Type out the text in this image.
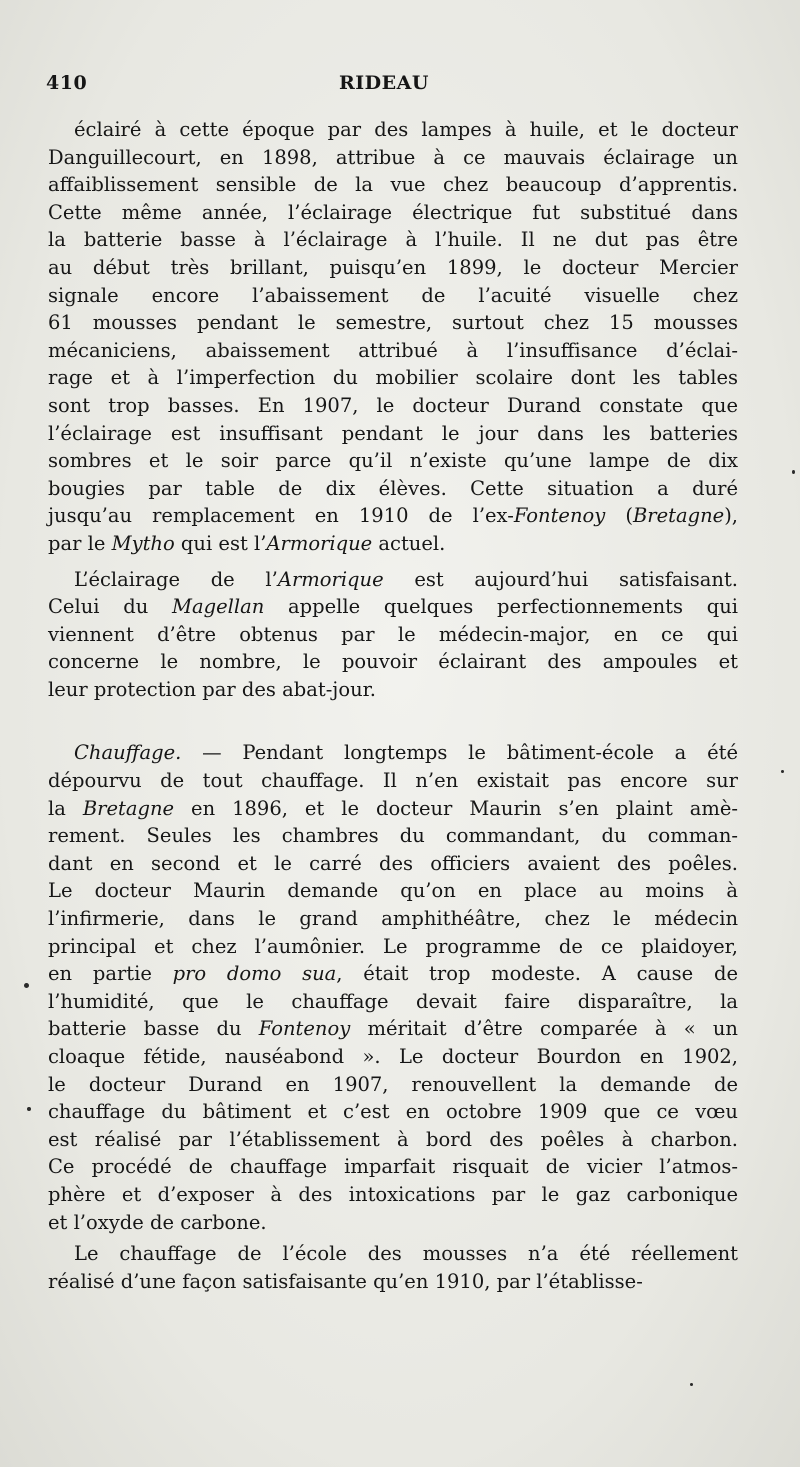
410	RIDEAU
éclairé à cette époque par des lampes à huile, et le docteur
Danguillecourt, en 1898, attribue à ce mauvais éclairage un
affaiblissement sensible de la vue chez beaucoup d’apprentis.
Cette même année, l’éclairage électrique fut substitué dans
la batterie basse à l’éclairage à l’huile. Il ne dut pas être
au début très brillant, puisqu’en 1899, le docteur Mercier
signale encore l’abaissement de l’acuité visuelle chez
61 mousses pendant le semestre, surtout chez 15 mousses
mécaniciens, abaissement attribué à l’insuffisance d’éclai-
rage et à l’imperfection du mobilier scolaire dont les tables
sont trop basses. En 1907, le docteur Durand constate que
l’éclairage est insuffisant pendant le jour dans les batteries
sombres et le soir parce qu’il n’existe qu’une lampe de dix
bougies par table de dix élèves. Cette situation a duré
jusqu’au remplacement en 1910 de l’ex-Fontenoy (Bretagne),
par le Mytho qui est l’Armorique actuel.
L’éclairage de l’Armorique est aujourd’hui satisfaisant.
Celui du Magellan appelle quelques perfectionnements qui
viennent d’être obtenus par le médecin-major, en ce qui
concerne le nombre, le pouvoir éclairant des ampoules et
leur protection par des abat-jour.
Chauffage. — Pendant longtemps le bâtiment-école a été
dépourvu de tout chauffage. Il n’en existait pas encore sur
la Bretagne en 1896, et le docteur Maurin s’en plaint amè-
rement. Seules les chambres du commandant, du comman-
dant en second et le carré des officiers avaient des poêles.
Le docteur Maurin demande qu’on en place au moins à
l’infirmerie, dans le grand amphithéâtre, chez le médecin
principal et chez l’aumônier. Le programme de ce plaidoyer,
en partie pro domo sua, était trop modeste. A cause de
l’humidité, que le chauffage devait faire disparaître, la
batterie basse du Fontenoy méritait d’être comparée à « un
cloaque fétide, nauséabond ». Le docteur Bourdon en 1902,
le docteur Durand en 1907, renouvellent la demande de
chauffage du bâtiment et c’est en octobre 1909 que ce vœu
est réalisé par l’établissement à bord des poêles à charbon.
Ce procédé de chauffage imparfait risquait de vicier l’atmos-
phère et d’exposer à des intoxications par le gaz carbonique
et l’oxyde de carbone.
Le chauffage de l’école des mousses n’a été réellement
réalisé d’une façon satisfaisante qu’en 1910, par l’établisse-
